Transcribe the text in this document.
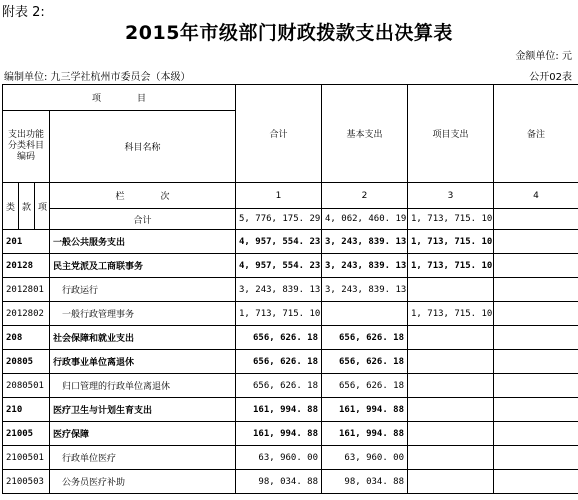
附表 2:
2015年市级部门财政拨款支出决算表
金额单位: 元
编制单位: 九三学社杭州市委员会（本级）	公开02表
项　　　　目				合计	基本支出	项目支出	备注
支出功能分类科目编码			科目名称				

类	款	项	栏　　　　次	1	2	3	4
			合计	5, 776, 175. 29	4, 062, 460. 19	1, 713, 715. 10	
201			一般公共服务支出	4, 957, 554. 23	3, 243, 839. 13	1, 713, 715. 10	
20128			民主党派及工商联事务	4, 957, 554. 23	3, 243, 839. 13	1, 713, 715. 10	
2012801			行政运行	3, 243, 839. 13	3, 243, 839. 13		
2012802			一般行政管理事务	1, 713, 715. 10		1, 713, 715. 10	
208			社会保障和就业支出	656, 626. 18	656, 626. 18		
20805			行政事业单位离退休	656, 626. 18	656, 626. 18		
2080501			归口管理的行政单位离退休	656, 626. 18	656, 626. 18		
210			医疗卫生与计划生育支出	161, 994. 88	161, 994. 88		
21005			医疗保障	161, 994. 88	161, 994. 88		
2100501			行政单位医疗	63, 960. 00	63, 960. 00		
2100503			公务员医疗补助	98, 034. 88	98, 034. 88		
